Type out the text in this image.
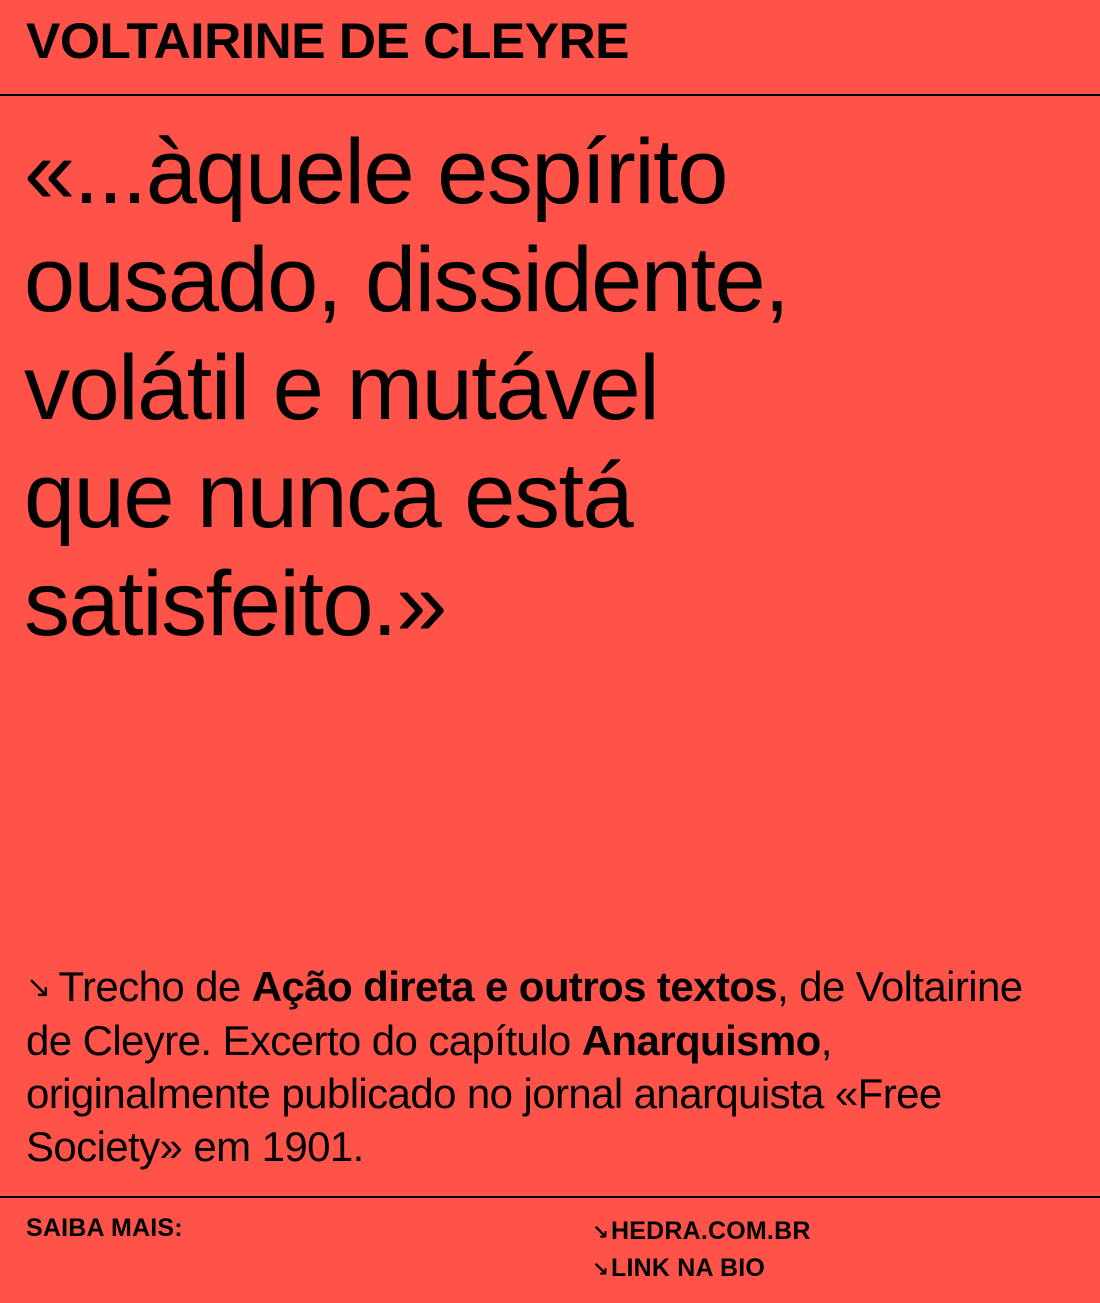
VOLTAIRINE DE CLEYRE

«...àquele espírito
ousado, dissidente,
volátil e mutável
que nunca está
satisfeito.»

↘ Trecho de Ação direta e outros textos, de Voltairine de Cleyre. Excerto do capítulo Anarquismo, originalmente publicado no jornal anarquista «Free Society» em 1901.

SAIBA MAIS:	↘HEDRA.COM.BR
↘LINK NA BIO
